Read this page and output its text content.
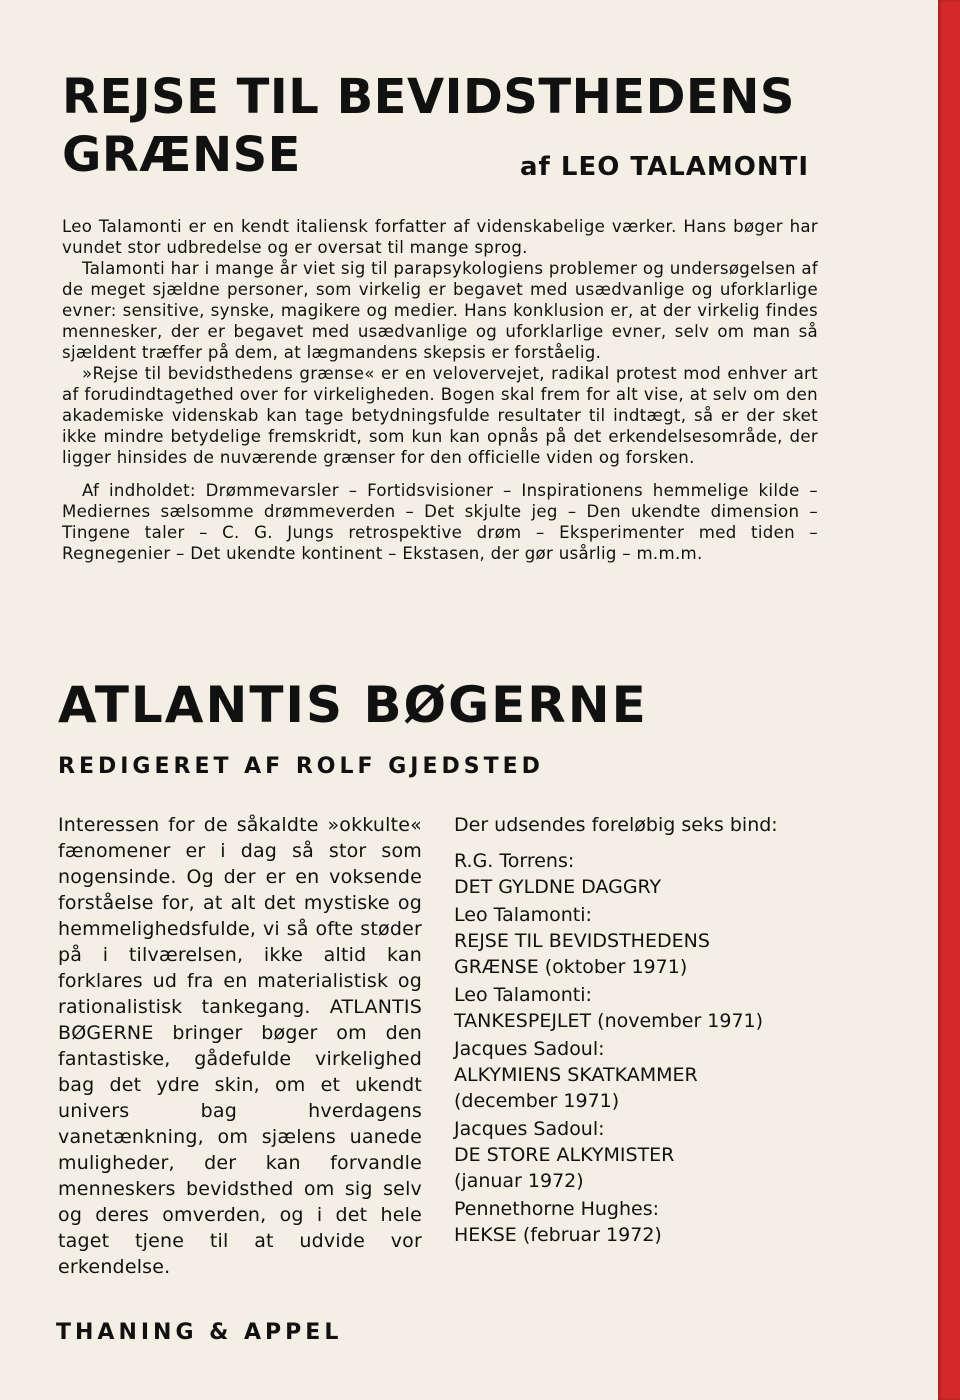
REJSE TIL BEVIDSTHEDENS
GRÆNSE	af LEO TALAMONTI

Leo Talamonti er en kendt italiensk forfatter af videnskabelige værker. Hans bøger har vundet stor udbredelse og er oversat til mange sprog.

Talamonti har i mange år viet sig til parapsykologiens problemer og undersøgelsen af de meget sjældne personer, som virkelig er begavet med usædvanlige og uforklarlige evner: sensitive, synske, magikere og medier. Hans konklusion er, at der virkelig findes mennesker, der er begavet med usædvanlige og uforklarlige evner, selv om man så sjældent træffer på dem, at lægmandens skepsis er forståelig.

»Rejse til bevidsthedens grænse« er en velovervejet, radikal protest mod enhver art af forudindtagethed over for virkeligheden. Bogen skal frem for alt vise, at selv om den akademiske videnskab kan tage betydningsfulde resultater til indtægt, så er der sket ikke mindre betydelige fremskridt, som kun kan opnås på det erkendelsesområde, der ligger hinsides de nuværende grænser for den officielle viden og forsken.

Af indholdet: Drømmevarsler – Fortidsvisioner – Inspirationens hemmelige kilde – Mediernes sælsomme drømmeverden – Det skjulte jeg – Den ukendte dimension – Tingene taler – C. G. Jungs retrospektive drøm – Eksperimenter med tiden – Regnegenier – Det ukendte kontinent – Ekstasen, der gør usårlig – m.m.m.

ATLANTIS BØGERNE
REDIGERET AF ROLF GJEDSTED

Interessen for de såkaldte »okkulte« fænomener er i dag så stor som nogensinde. Og der er en voksende forståelse for, at alt det mystiske og hemmelighedsfulde, vi så ofte støder på i tilværelsen, ikke altid kan forklares ud fra en materialistisk og rationalistisk tankegang. ATLANTIS BØGERNE bringer bøger om den fantastiske, gådefulde virkelighed bag det ydre skin, om et ukendt univers bag hverdagens vanetænkning, om sjælens uanede muligheder, der kan forvandle menneskers bevidsthed om sig selv og deres omverden, og i det hele taget tjene til at udvide vor erkendelse.

Der udsendes foreløbig seks bind:

R.G. Torrens:
DET GYLDNE DAGGRY
Leo Talamonti:
REJSE TIL BEVIDSTHEDENS
GRÆNSE (oktober 1971)
Leo Talamonti:
TANKESPEJLET (november 1971)
Jacques Sadoul:
ALKYMIENS SKATKAMMER
(december 1971)
Jacques Sadoul:
DE STORE ALKYMISTER
(januar 1972)
Pennethorne Hughes:
HEKSE (februar 1972)
THANING & APPEL
